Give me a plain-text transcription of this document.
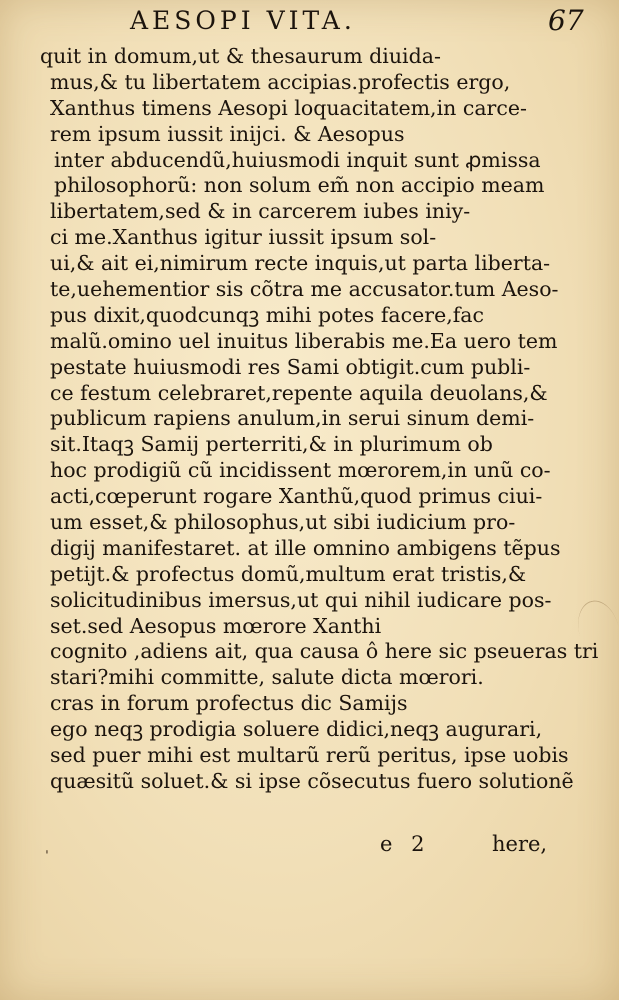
AESOPI VITA.	67
quit in domum,ut & thesaurum diuida‑
mus,& tu libertatem accipias.profectis ergo,
Xanthus timens Aesopi loquacitatem,in carce‑
rem ipsum iussit inijci. & Aesopus
inter abducendũ,huiusmodi inquit sunt ꝓmissa
philosophorũ: non solum em̃ non accipio meam
libertatem,sed & in carcerem iubes iniy‑
ci me.Xanthus igitur iussit ipsum sol‑
ui,& ait ei,nimirum recte inquis,ut parta liberta‑
te,uehementior sis cõtra me accusator.tum Aeso‑
pus dixit,quodcunqꝫ mihi potes facere,fac
malũ.omino uel inuitus liberabis me.Ea uero tem
pestate huiusmodi res Sami obtigit.cum publi‑
ce festum celebraret,repente aquila deuolans,&
publicum rapiens anulum,in serui sinum demi‑
sit.Itaqꝫ Samij perterriti,& in plurimum ob
hoc prodigiũ cũ incidissent mœrorem,in unũ co‑
acti,cœperunt rogare Xanthũ,quod primus ciui‑
um esset,& philosophus,ut sibi iudicium pro‑
digij manifestaret. at ille omnino ambigens tẽpus
petijt.& profectus domũ,multum erat tristis,&
solicitudinibus imersus,ut qui nihil iudicare pos‑
set.sed Aesopus mœrore Xanthi
cognito ,adiens ait, qua causa ô here sic pseueras tri
stari?mihi committe, salute dicta mœrori.
cras in forum profectus dic Samijs
ego neqꝫ prodigia soluere didici,neqꝫ augurari,
sed puer mihi est multarũ rerũ peritus, ipse uobis
quæsitũ soluet.& si ipse cõsecutus fuero solutionẽ
ˌ	e 2	here,
